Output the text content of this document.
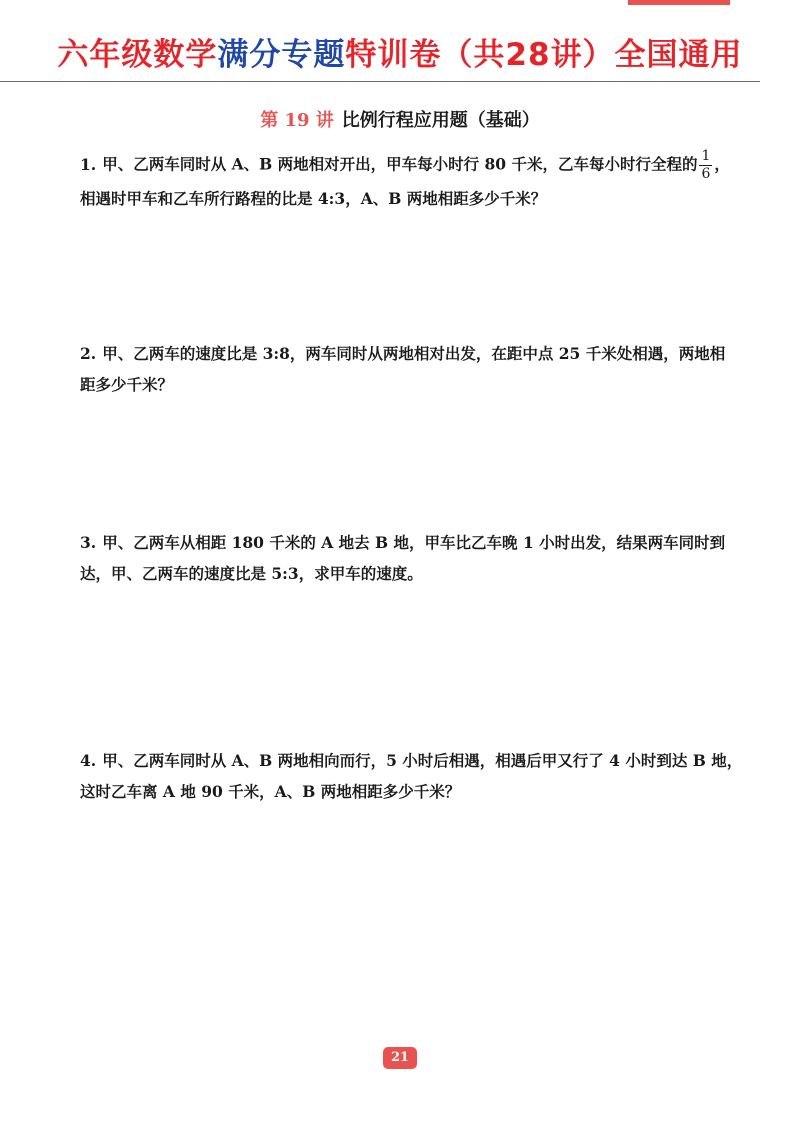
六年级数学满分专题特训卷（共28讲）全国通用
第 19 讲 比例行程应用题（基础）
1. 甲、乙两车同时从 A、B 两地相对开出，甲车每小时行 80 千米，乙车每小时行全程的 $\frac{1}{6}$ ，
相遇时甲车和乙车所行路程的比是 4:3，A、B 两地相距多少千米？
2. 甲、乙两车的速度比是 3:8，两车同时从两地相对出发，在距中点 25 千米处相遇，两地相
距多少千米？
3. 甲、乙两车从相距 180 千米的 A 地去 B 地，甲车比乙车晚 1 小时出发，结果两车同时到
达，甲、乙两车的速度比是 5:3，求甲车的速度。
4. 甲、乙两车同时从 A、B 两地相向而行，5 小时后相遇，相遇后甲又行了 4 小时到达 B 地，
这时乙车离 A 地 90 千米，A、B 两地相距多少千米？
21
